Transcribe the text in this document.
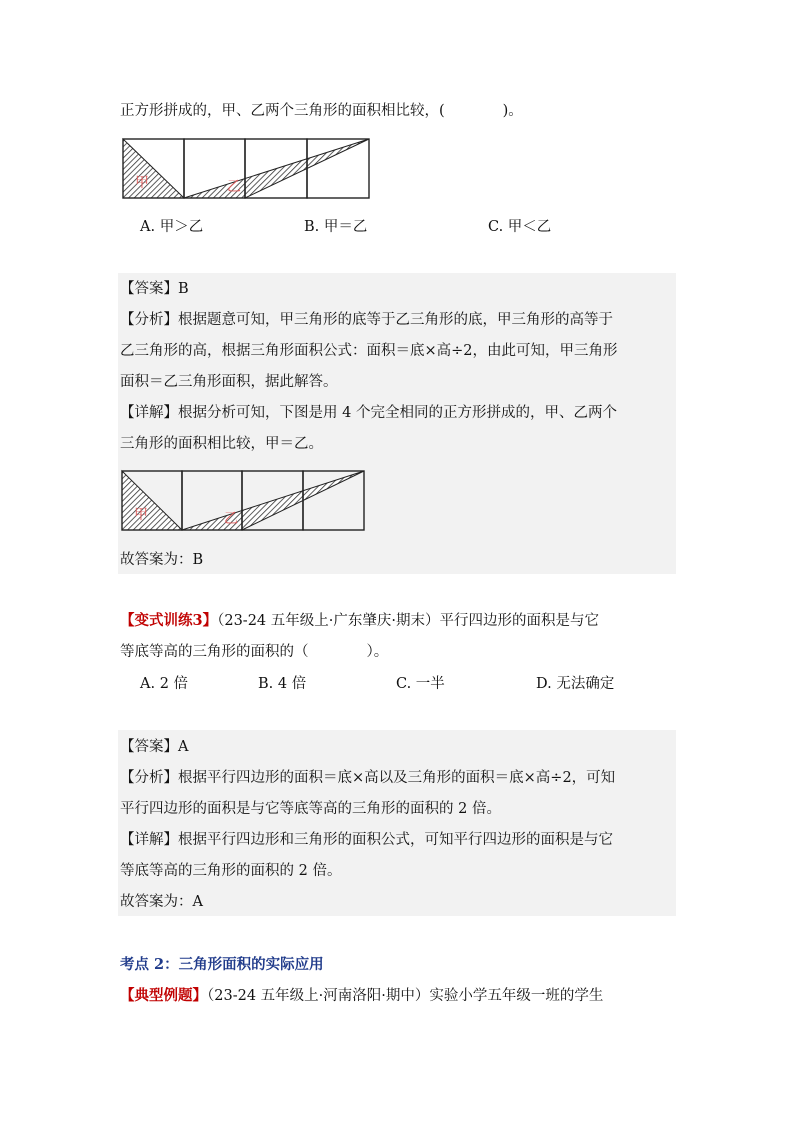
正方形拼成的，甲、乙两个三角形的面积相比较，(　　　　)。
甲	乙
A. 甲＞乙	B. 甲＝乙	C. 甲＜乙
【答案】B
【分析】根据题意可知，甲三角形的底等于乙三角形的底，甲三角形的高等于
乙三角形的高，根据三角形面积公式：面积＝底×高÷2，由此可知，甲三角形
面积＝乙三角形面积，据此解答。
【详解】根据分析可知，下图是用 4 个完全相同的正方形拼成的，甲、乙两个
三角形的面积相比较，甲＝乙。
甲	乙
故答案为：B
【变式训练3】（23-24 五年级上·广东肇庆·期末）平行四边形的面积是与它
等底等高的三角形的面积的（　　　　）。
A. 2 倍	B. 4 倍	C. 一半	D. 无法确定
【答案】A
【分析】根据平行四边形的面积＝底×高以及三角形的面积＝底×高÷2，可知
平行四边形的面积是与它等底等高的三角形的面积的 2 倍。
【详解】根据平行四边形和三角形的面积公式，可知平行四边形的面积是与它
等底等高的三角形的面积的 2 倍。
故答案为：A
考点 2：三角形面积的实际应用
【典型例题】（23-24 五年级上·河南洛阳·期中）实验小学五年级一班的学生
